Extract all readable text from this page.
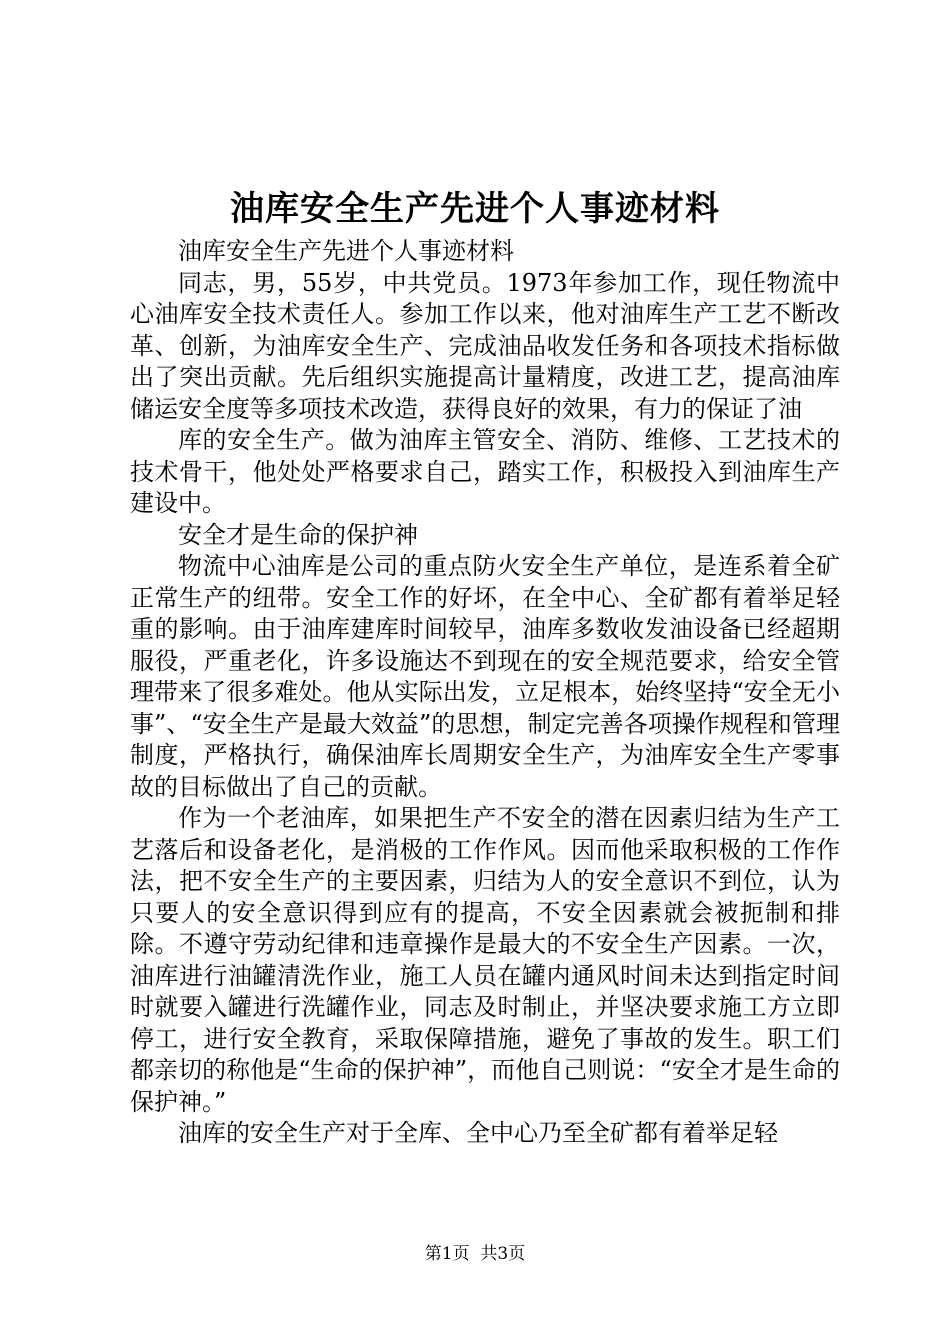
油库安全生产先进个人事迹材料

油库安全生产先进个人事迹材料

同志，男，55岁，中共党员。1973年参加工作，现任物流中心油库安全技术责任人。参加工作以来，他对油库生产工艺不断改革、创新，为油库安全生产、完成油品收发任务和各项技术指标做出了突出贡献。先后组织实施提高计量精度，改进工艺，提高油库储运安全度等多项技术改造，获得良好的效果，有力的保证了油

库的安全生产。做为油库主管安全、消防、维修、工艺技术的技术骨干，他处处严格要求自己，踏实工作，积极投入到油库生产建设中。

安全才是生命的保护神

物流中心油库是公司的重点防火安全生产单位，是连系着全矿正常生产的纽带。安全工作的好坏，在全中心、全矿都有着举足轻重的影响。由于油库建库时间较早，油库多数收发油设备已经超期服役，严重老化，许多设施达不到现在的安全规范要求，给安全管理带来了很多难处。他从实际出发，立足根本，始终坚持“安全无小事”、“安全生产是最大效益”的思想，制定完善各项操作规程和管理制度，严格执行，确保油库长周期安全生产，为油库安全生产零事故的目标做出了自己的贡献。

作为一个老油库，如果把生产不安全的潜在因素归结为生产工艺落后和设备老化，是消极的工作作风。因而他采取积极的工作作法，把不安全生产的主要因素，归结为人的安全意识不到位，认为只要人的安全意识得到应有的提高，不安全因素就会被扼制和排除。不遵守劳动纪律和违章操作是最大的不安全生产因素。一次，油库进行油罐清洗作业，施工人员在罐内通风时间未达到指定时间时就要入罐进行洗罐作业，同志及时制止，并坚决要求施工方立即停工，进行安全教育，采取保障措施，避免了事故的发生。职工们都亲切的称他是“生命的保护神”，而他自己则说：“安全才是生命的保护神。”

油库的安全生产对于全库、全中心乃至全矿都有着举足轻

第1页 共3页
